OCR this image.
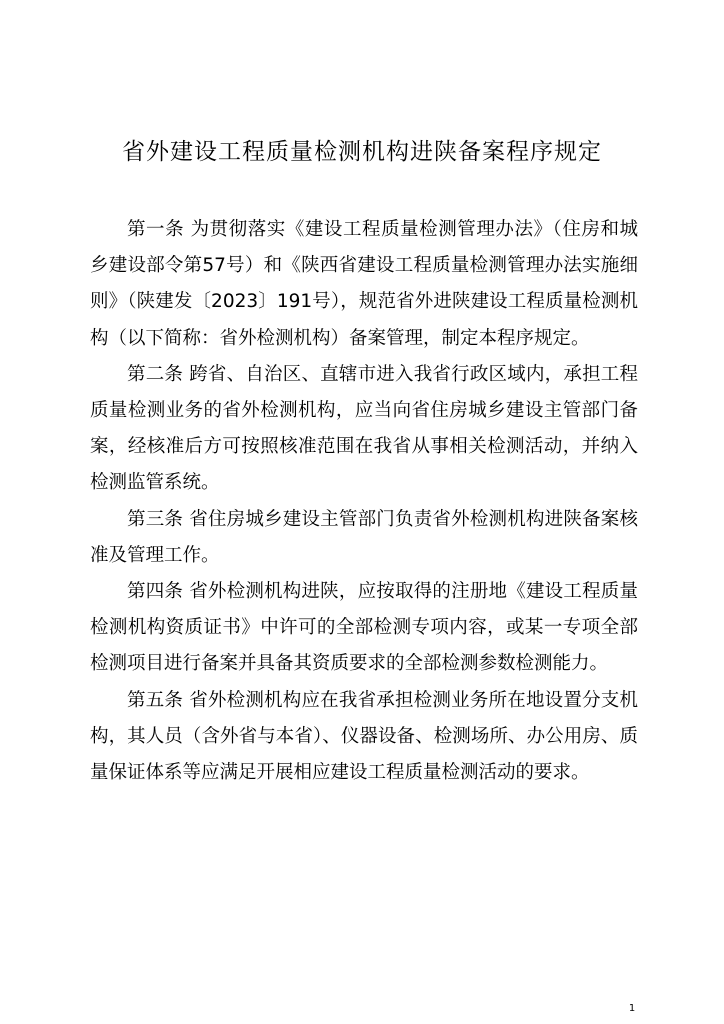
省外建设工程质量检测机构进陕备案程序规定

第一条 为贯彻落实《建设工程质量检测管理办法》（住房和城乡建设部令第57号）和《陕西省建设工程质量检测管理办法实施细则》（陕建发〔2023〕191号），规范省外进陕建设工程质量检测机构（以下简称：省外检测机构）备案管理，制定本程序规定。

第二条 跨省、自治区、直辖市进入我省行政区域内，承担工程质量检测业务的省外检测机构，应当向省住房城乡建设主管部门备案，经核准后方可按照核准范围在我省从事相关检测活动，并纳入检测监管系统。

第三条 省住房城乡建设主管部门负责省外检测机构进陕备案核准及管理工作。

第四条 省外检测机构进陕，应按取得的注册地《建设工程质量检测机构资质证书》中许可的全部检测专项内容，或某一专项全部检测项目进行备案并具备其资质要求的全部检测参数检测能力。

第五条 省外检测机构应在我省承担检测业务所在地设置分支机构，其人员（含外省与本省）、仪器设备、检测场所、办公用房、质量保证体系等应满足开展相应建设工程质量检测活动的要求。

1
